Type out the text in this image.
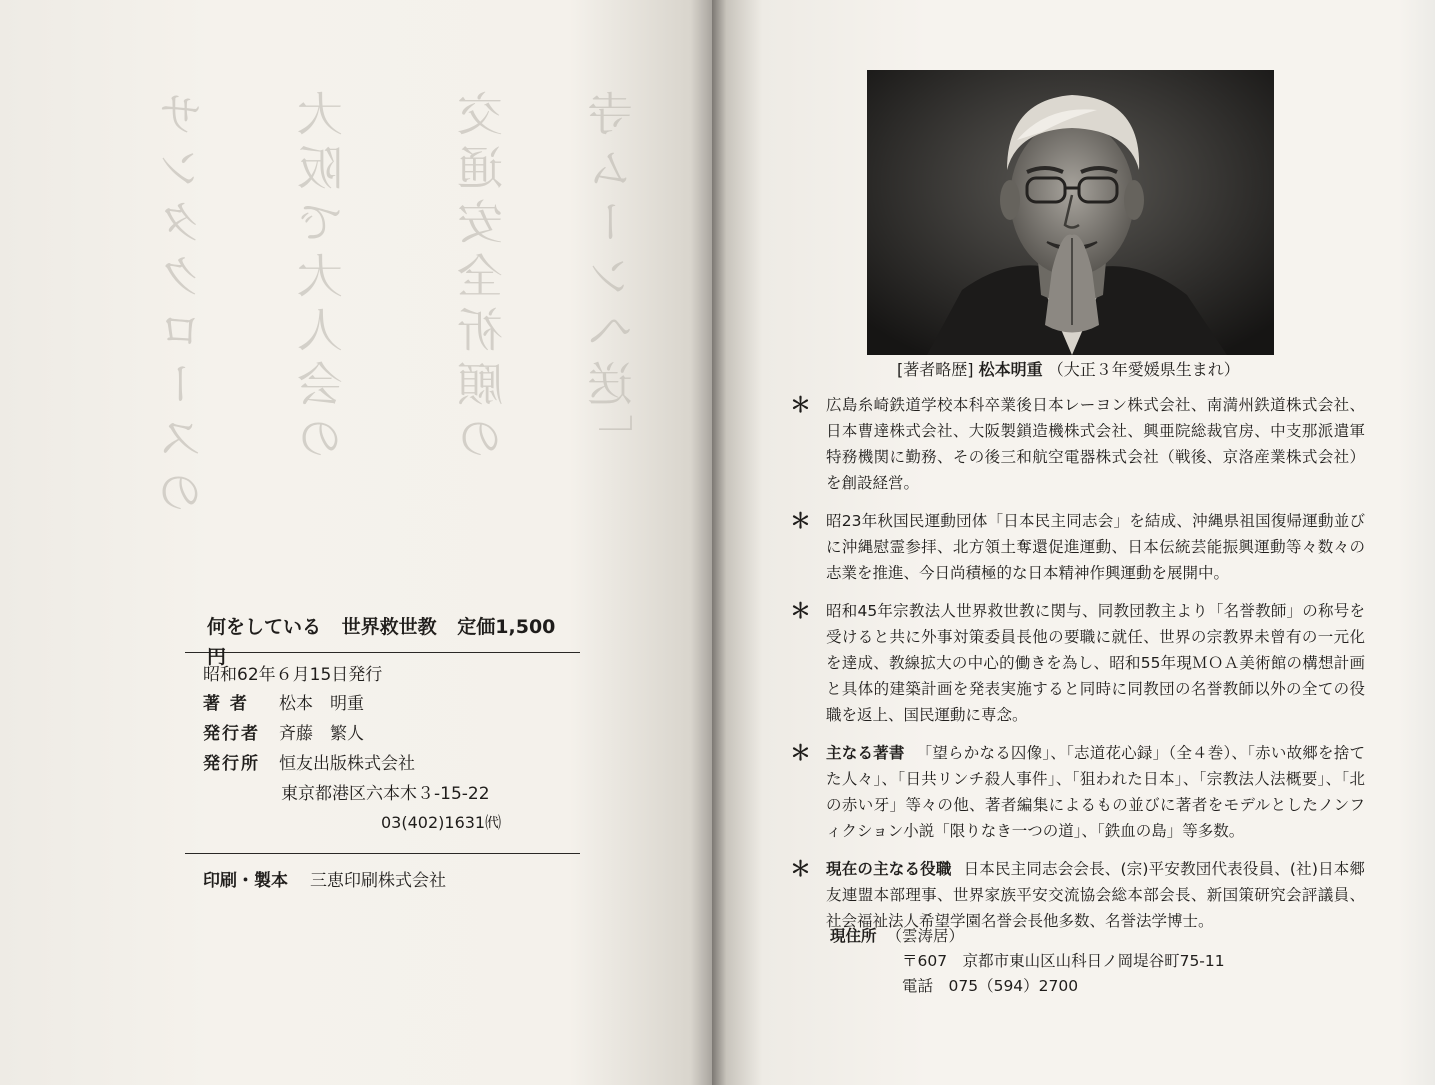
寺ムーンへ送」
交通安全祈願の
大阪で大人会の
サンタクロースの
何をしている 世界救世教 定価1,500円
昭和62年６月15日発行
著 者	松本　明重
発行者	斉藤　繁人
発行所	恒友出版株式会社
東京都港区六本木３-15-22
03(402)1631㈹
印刷・製本 三恵印刷株式会社
[著者略歴] 松本明重 （大正３年愛媛県生まれ）
＊ 広島糸崎鉄道学校本科卒業後日本レーヨン株式会社、南満州鉄道株式会社、日本曹達株式会社、大阪製鎖造機株式会社、興亜院総裁官房、中支那派遣軍特務機関に勤務、その後三和航空電器株式会社（戦後、京洛産業株式会社）を創設経営。
＊ 昭23年秋国民運動団体「日本民主同志会」を結成、沖縄県祖国復帰運動並びに沖縄慰霊参拝、北方領土奪還促進運動、日本伝統芸能振興運動等々数々の志業を推進、今日尚積極的な日本精神作興運動を展開中。
＊ 昭和45年宗教法人世界救世教に関与、同教団教主より「名誉教師」の称号を受けると共に外事対策委員長他の要職に就任、世界の宗教界未曾有の一元化を達成、教線拡大の中心的働きを為し、昭和55年現ＭＯＡ美術館の構想計画と具体的建築計画を発表実施すると同時に同教団の名誉教師以外の全ての役職を返上、国民運動に専念。
＊ 主なる著書 「望らかなる囚像」、「志道花心録」（全４巻）、「赤い故郷を捨てた人々」、「日共リンチ殺人事件」、「狙われた日本」、「宗教法人法概要」、「北の赤い牙」等々の他、著者編集によるもの並びに著者をモデルとしたノンフィクション小説「限りなき一つの道」、「鉄血の島」等多数。
＊ 現在の主なる役職 日本民主同志会会長、(宗)平安教団代表役員、(社)日本郷友連盟本部理事、世界家族平安交流協会総本部会長、新国策研究会評議員、社会福祉法人希望学園名誉会長他多数、名誉法学博士。
現住所 （雲涛居）
〒607　京都市東山区山科日ノ岡堤谷町75-11
電話　075（594）2700
